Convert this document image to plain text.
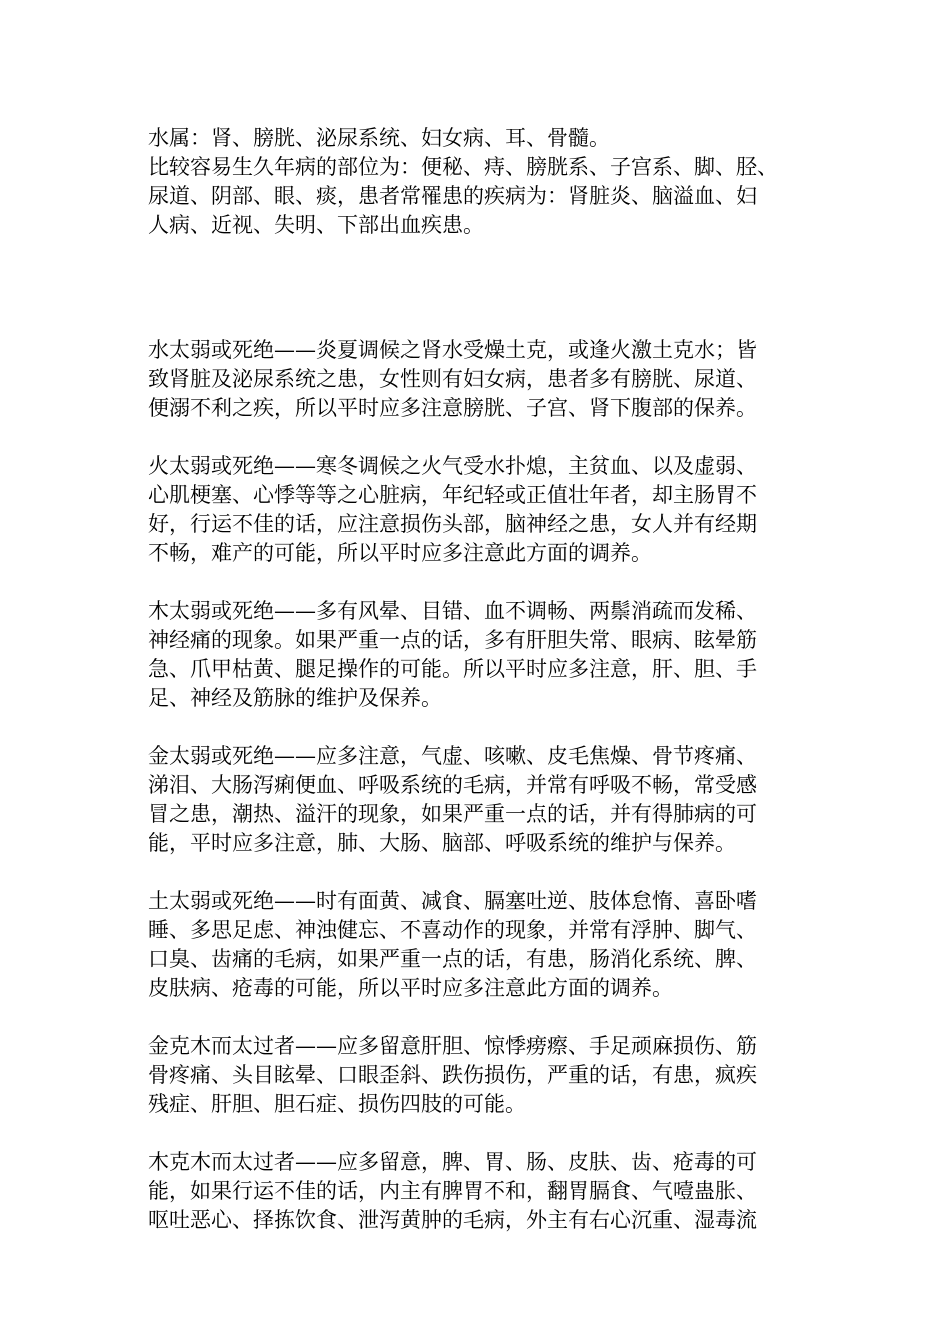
水属：肾、膀胱、泌尿系统、妇女病、耳、骨髓。
比较容易生久年病的部位为：便秘、痔、膀胱系、子宫系、脚、胫、
尿道、阴部、眼、痰，患者常罹患的疾病为：肾脏炎、脑溢血、妇
人病、近视、失明、下部出血疾患。
水太弱或死绝——炎夏调候之肾水受燥土克，或逢火激土克水；皆
致肾脏及泌尿系统之患，女性则有妇女病，患者多有膀胱、尿道、
便溺不利之疾，所以平时应多注意膀胱、子宫、肾下腹部的保养。
火太弱或死绝——寒冬调候之火气受水扑熄，主贫血、以及虚弱、
心肌梗塞、心悸等等之心脏病，年纪轻或正值壮年者，却主肠胃不
好，行运不佳的话，应注意损伤头部，脑神经之患，女人并有经期
不畅，难产的可能，所以平时应多注意此方面的调养。
木太弱或死绝——多有风晕、目错、血不调畅、两鬃消疏而发稀、
神经痛的现象。如果严重一点的话，多有肝胆失常、眼病、眩晕筋
急、爪甲枯黄、腿足操作的可能。所以平时应多注意，肝、胆、手
足、神经及筋脉的维护及保养。
金太弱或死绝——应多注意，气虚、咳嗽、皮毛焦燥、骨节疼痛、
涕泪、大肠泻痢便血、呼吸系统的毛病，并常有呼吸不畅，常受感
冒之患，潮热、溢汗的现象，如果严重一点的话，并有得肺病的可
能，平时应多注意，肺、大肠、脑部、呼吸系统的维护与保养。
土太弱或死绝——时有面黄、减食、膈塞吐逆、肢体怠惰、喜卧嗜
睡、多思足虑、神浊健忘、不喜动作的现象，并常有浮肿、脚气、
口臭、齿痛的毛病，如果严重一点的话，有患，肠消化系统、脾、
皮肤病、疮毒的可能，所以平时应多注意此方面的调养。
金克木而太过者——应多留意肝胆、惊悸痨瘵、手足顽麻损伤、筋
骨疼痛、头目眩晕、口眼歪斜、跌伤损伤，严重的话，有患，疯疾
残症、肝胆、胆石症、损伤四肢的可能。
木克木而太过者——应多留意，脾、胃、肠、皮肤、齿、疮毒的可
能，如果行运不佳的话，内主有脾胃不和，翻胃膈食、气噎蛊胀、
呕吐恶心、择拣饮食、泄泻黄肿的毛病，外主有右心沉重、湿毒流
